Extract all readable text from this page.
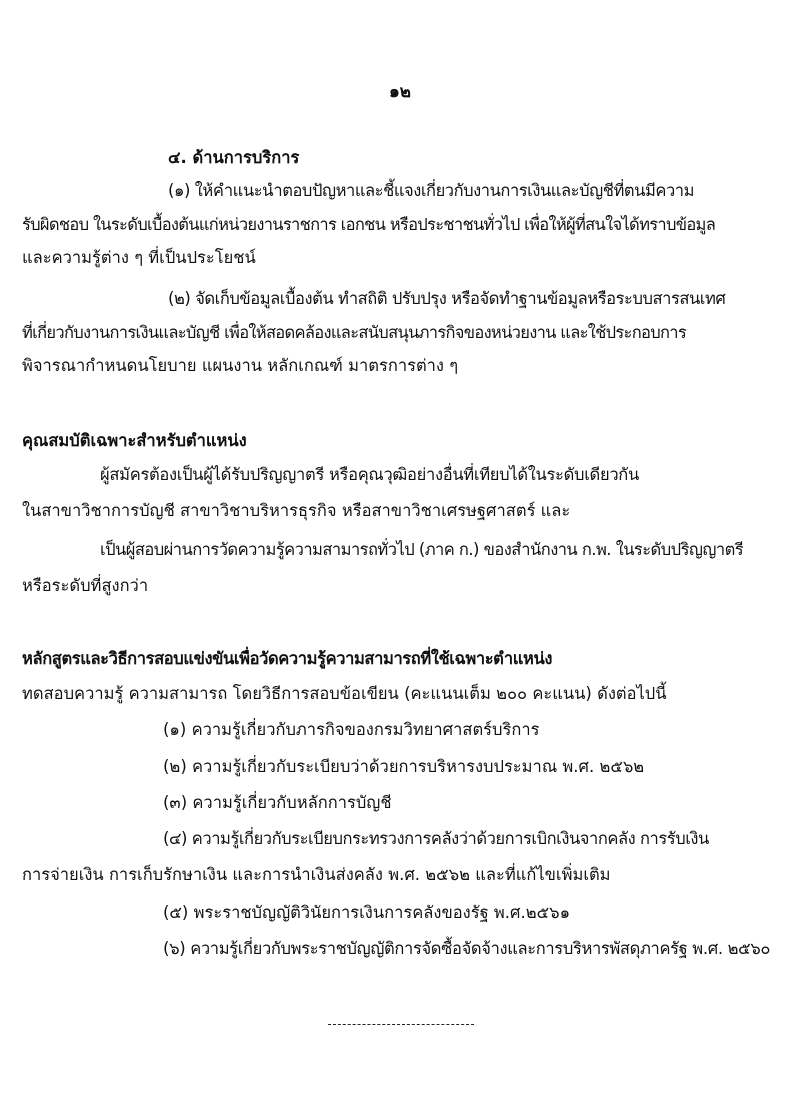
๑๒
๔. ด้านการบริการ
(๑) ให้คำแนะนำตอบปัญหาและชี้แจงเกี่ยวกับงานการเงินและบัญชีที่ตนมีความ
รับผิดชอบ ในระดับเบื้องต้นแก่หน่วยงานราชการ เอกชน หรือประชาชนทั่วไป เพื่อให้ผู้ที่สนใจได้ทราบข้อมูล
และความรู้ต่าง ๆ ที่เป็นประโยชน์
(๒) จัดเก็บข้อมูลเบื้องต้น ทำสถิติ ปรับปรุง หรือจัดทำฐานข้อมูลหรือระบบสารสนเทศ
ที่เกี่ยวกับงานการเงินและบัญชี เพื่อให้สอดคล้องและสนับสนุนภารกิจของหน่วยงาน และใช้ประกอบการ
พิจารณากำหนดนโยบาย แผนงาน หลักเกณฑ์ มาตรการต่าง ๆ
คุณสมบัติเฉพาะสำหรับตำแหน่ง
ผู้สมัครต้องเป็นผู้ได้รับปริญญาตรี หรือคุณวุฒิอย่างอื่นที่เทียบได้ในระดับเดียวกัน
ในสาขาวิชาการบัญชี สาขาวิชาบริหารธุรกิจ หรือสาขาวิชาเศรษฐศาสตร์ และ
เป็นผู้สอบผ่านการวัดความรู้ความสามารถทั่วไป (ภาค ก.) ของสำนักงาน ก.พ. ในระดับปริญญาตรี
หรือระดับที่สูงกว่า
หลักสูตรและวิธีการสอบแข่งขันเพื่อวัดความรู้ความสามารถที่ใช้เฉพาะตำแหน่ง
ทดสอบความรู้ ความสามารถ โดยวิธีการสอบข้อเขียน (คะแนนเต็ม ๒๐๐ คะแนน) ดังต่อไปนี้
(๑) ความรู้เกี่ยวกับภารกิจของกรมวิทยาศาสตร์บริการ
(๒) ความรู้เกี่ยวกับระเบียบว่าด้วยการบริหารงบประมาณ พ.ศ. ๒๕๖๒
(๓) ความรู้เกี่ยวกับหลักการบัญชี
(๔) ความรู้เกี่ยวกับระเบียบกระทรวงการคลังว่าด้วยการเบิกเงินจากคลัง การรับเงิน
การจ่ายเงิน การเก็บรักษาเงิน และการนำเงินส่งคลัง พ.ศ. ๒๕๖๒ และที่แก้ไขเพิ่มเติม
(๕) พระราชบัญญัติวินัยการเงินการคลังของรัฐ พ.ศ.๒๕๖๑
(๖) ความรู้เกี่ยวกับพระราชบัญญัติการจัดซื้อจัดจ้างและการบริหารพัสดุภาครัฐ พ.ศ. ๒๕๖๐
